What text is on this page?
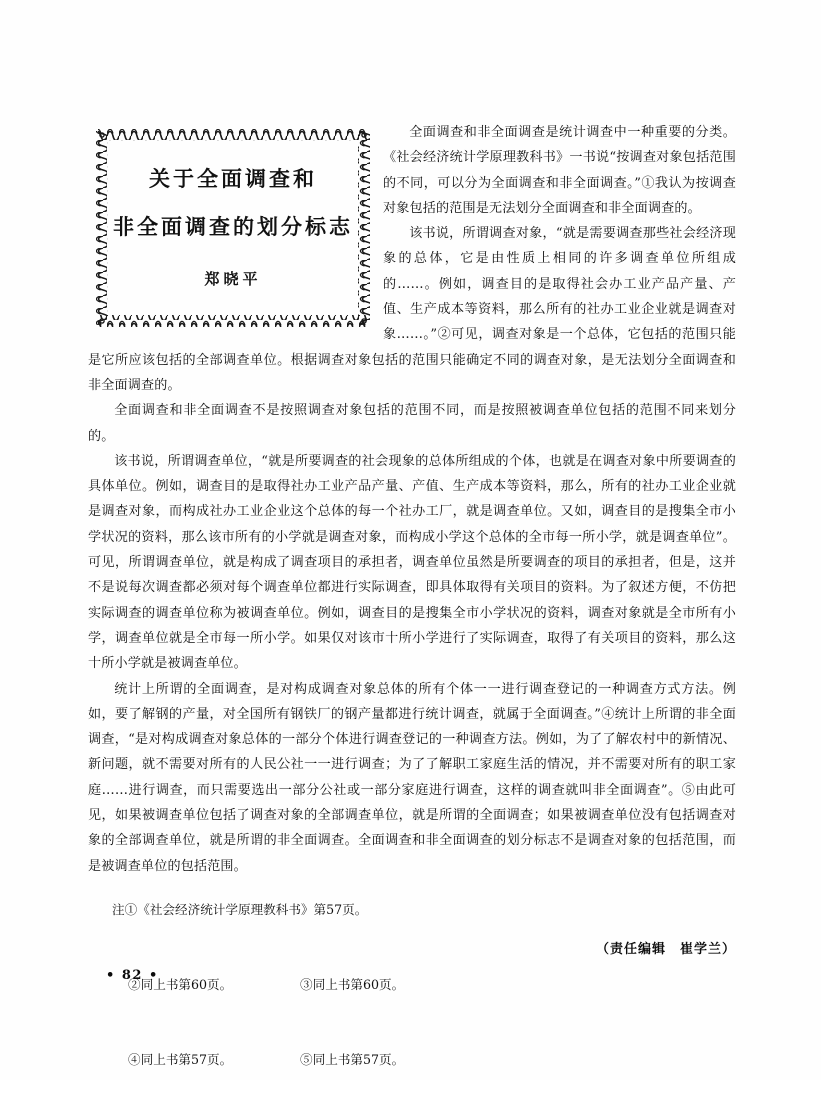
全面调查和非全面调查是统计调查中一种重要的分类。《社会经济统计学原理教科书》一书说“按调查对象包括范围的不同，可以分为全面调查和非全面调查。”①我认为按调查对象包括的范围是无法划分全面调查和非全面调查的。

该书说，所谓调查对象，“就是需要调查那些社会经济现象的总体，它是由性质上相同的许多调查单位所组成的……。例如，调查目的是取得社会办工业产品产量、产值、生产成本等资料，那么所有的社办工业企业就是调查对象……。”②可见，调查对象是一个总体，它包括的范围只能是它所应该包括的全部调查单位。根据调查对象包括的范围只能确定不同的调查对象，是无法划分全面调查和非全面调查的。

全面调查和非全面调查不是按照调查对象包括的范围不同，而是按照被调查单位包括的范围不同来划分的。

该书说，所谓调查单位，“就是所要调查的社会现象的总体所组成的个体，也就是在调查对象中所要调查的具体单位。例如，调查目的是取得社办工业产品产量、产值、生产成本等资料，那么，所有的社办工业企业就是调查对象，而构成社办工业企业这个总体的每一个社办工厂，就是调查单位。又如，调查目的是搜集全市小学状况的资料，那么该市所有的小学就是调查对象，而构成小学这个总体的全市每一所小学，就是调查单位”。可见，所谓调查单位，就是构成了调查项目的承担者，调查单位虽然是所要调查的项目的承担者，但是，这并不是说每次调查都必须对每个调查单位都进行实际调查，即具体取得有关项目的资料。为了叙述方便，不仿把实际调查的调查单位称为被调查单位。例如，调查目的是搜集全市小学状况的资料，调查对象就是全市所有小学，调查单位就是全市每一所小学。如果仅对该市十所小学进行了实际调查，取得了有关项目的资料，那么这十所小学就是被调查单位。

统计上所谓的全面调查，是对构成调查对象总体的所有个体一一进行调查登记的一种调查方式方法。例如，要了解钢的产量，对全国所有钢铁厂的钢产量都进行统计调查，就属于全面调查。”④统计上所谓的非全面调查，“是对构成调查对象总体的一部分个体进行调查登记的一种调查方法。例如，为了了解农村中的新情况、新问题，就不需要对所有的人民公社一一进行调查；为了了解职工家庭生活的情况，并不需要对所有的职工家庭……进行调查，而只需要选出一部分公社或一部分家庭进行调查，这样的调查就叫非全面调查”。⑤由此可见，如果被调查单位包括了调查对象的全部调查单位，就是所谓的全面调查；如果被调查单位没有包括调查对象的全部调查单位，就是所谓的非全面调查。全面调查和非全面调查的划分标志不是调查对象的包括范围，而是被调查单位的包括范围。

关于全面调查和
非全面调查的划分标志
郑晓平

注①《社会经济统计学原理教科书》第57页。

②同上书第60页。	③同上书第60页。

④同上书第57页。	⑤同上书第57页。

（责任编辑　崔学兰）
• 82 •
